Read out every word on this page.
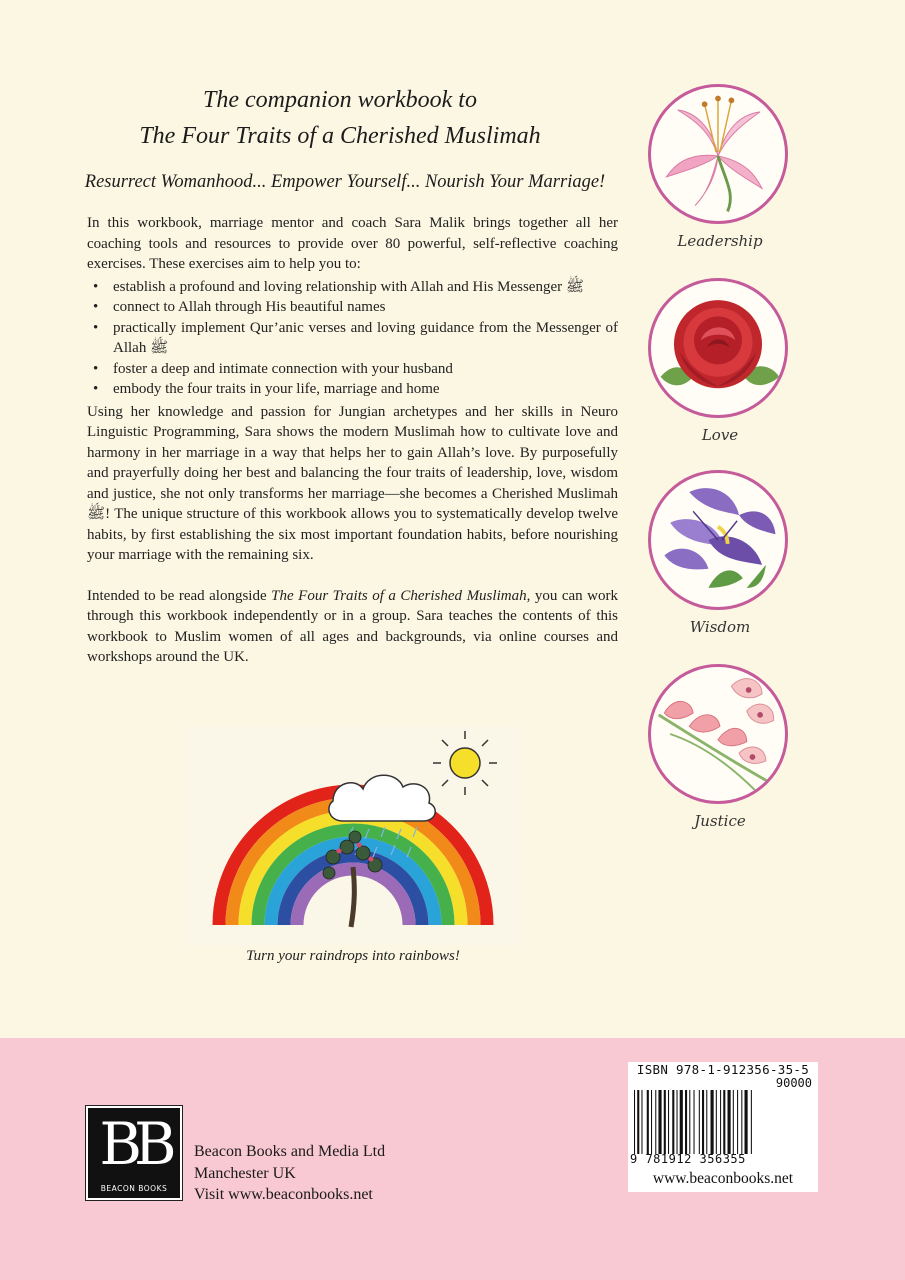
The companion workbook to
The Four Traits of a Cherished Muslimah
Resurrect Womanhood... Empower Yourself... Nourish Your Marriage!

In this workbook, marriage mentor and coach Sara Malik brings together all her coaching tools and resources to provide over 80 powerful, self-reflective coaching exercises. These exercises aim to help you to:

• establish a profound and loving relationship with Allah and His Messenger ﷺ
• connect to Allah through His beautiful names
• practically implement Qur’anic verses and loving guidance from the Messenger of Allah ﷺ
• foster a deep and intimate connection with your husband
• embody the four traits in your life, marriage and home

Using her knowledge and passion for Jungian archetypes and her skills in Neuro Linguistic Programming, Sara shows the modern Muslimah how to cultivate love and harmony in her marriage in a way that helps her to gain Allah’s love. By purposefully and prayerfully doing her best and balancing the four traits of leadership, love, wisdom and justice, she not only transforms her marriage—she becomes a Cherished Muslimah ﷺ! The unique structure of this workbook allows you to systematically develop twelve habits, by first establishing the six most important foundation habits, before nourishing your marriage with the remaining six.

Intended to be read alongside The Four Traits of a Cherished Muslimah, you can work through this workbook independently or in a group. Sara teaches the contents of this workbook to Muslim women of all ages and backgrounds, via online courses and workshops around the UK.

Leadership
Love
Wisdom
Justice
Turn your raindrops into rainbows!
BB
BEACON BOOKS
Beacon Books and Media Ltd
Manchester UK
Visit www.beaconbooks.net
ISBN 978-1-912356-35-5
90000
9 781912 356355
www.beaconbooks.net
